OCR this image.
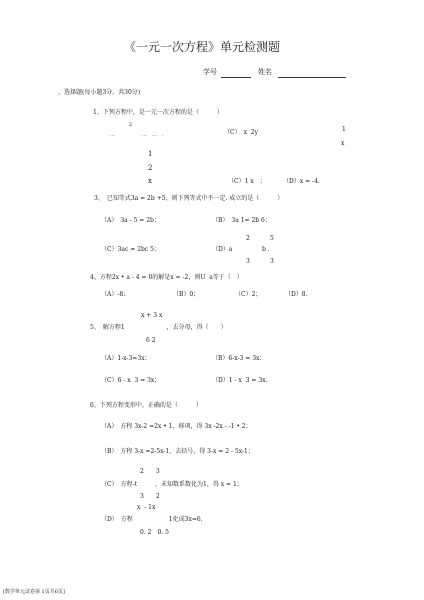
《一元一次方程》单元检测题
学号	姓名
、选择题(每小题3分，共30分)
1、下列方程中，是一元一次方程的是（　　　）
…
2
…　…　.	（C）　x  2y	1
x
1
2
x	（C）1 x　；	（D）x = -4.
3、　已知等式3a = 2b +5，则下列等式中不一定. 成立的是（　　　）
（A）　3a - 5 = 2b；	（B）　3a 1= 2b 6；
2	5
（C）3ac = 2bc 5；	（D）a	b .
3	3
4、方程2x • a - 4 = 0的解是x = -2，则U  a等于（　）
（A）-8；	（B）0；	（C）2；	（D）8.
x + 3 x
5、　解方程1　　　　　　　，去分母，得（　　）
6 2
（A）1-x-3=3x；	（B）6-x-3 = 3x；
（C）6 - x  3 = 3x；	（D）1 - x  3 = 3x.
6、下列方程变形中，正确的是（　　　）
（A）　方程 3x-2 =2x • 1，移项，得 3x -2x - -1 • 2；
（B）　方程 3-x =2-5x-1，去括号，得 3-x = 2 - 5x-1；
2　　3
（C）　方程-t　　　，未知数系数化为1，得 x = 1；
3　　2
x  - 1x
（D）　方程　　　　　　1化成3x=6.
0. 2　0. 5
[数学单元试卷第 1页共6页]
